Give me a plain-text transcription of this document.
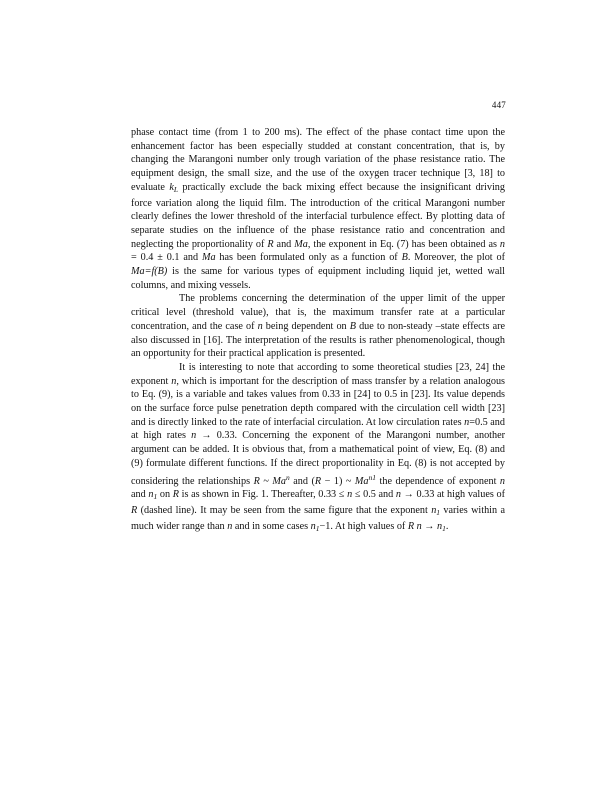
447

phase contact time (from 1 to 200 ms). The effect of the phase contact time upon the enhancement factor has been especially studded at constant concentration, that is, by changing the Marangoni number only trough variation of the phase resistance ratio. The equipment design, the small size, and the use of the oxygen tracer technique [3, 18] to evaluate $k_L$ practically exclude the back mixing effect because the insignificant driving force variation along the liquid film. The introduction of the critical Marangoni number clearly defines the lower threshold of the interfacial turbulence effect. By plotting data of separate studies on the influence of the phase resistance ratio and concentration and neglecting the proportionality of R and Ma, the exponent in Eq. (7) has been obtained as n = 0.4 ± 0.1 and Ma has been formulated only as a function of B. Moreover, the plot of Ma=f(B) is the same for various types of equipment including liquid jet, wetted wall columns, and mixing vessels.

The problems concerning the determination of the upper limit of the upper critical level (threshold value), that is, the maximum transfer rate at a particular concentration, and the case of n being dependent on B due to non-steady –state effects are also discussed in [16]. The interpretation of the results is rather phenomenological, though an opportunity for their practical application is presented.

It is interesting to note that according to some theoretical studies [23, 24] the exponent n, which is important for the description of mass transfer by a relation analogous to Eq. (9), is a variable and takes values from 0.33 in [24] to 0.5 in [23]. Its value depends on the surface force pulse penetration depth compared with the circulation cell width [23] and is directly linked to the rate of interfacial circulation. At low circulation rates n=0.5 and at high rates n → 0.33. Concerning the exponent of the Marangoni number, another argument can be added. It is obvious that, from a mathematical point of view, Eq. (8) and (9) formulate different functions. If the direct proportionality in Eq. (8) is not accepted by considering the relationships R ~ Ma$^n$ and (R − 1) ~ $Ma^{n1}$ the dependence of exponent n and $n_1$ on R is as shown in Fig. 1. Thereafter, 0.33 ≤ n ≤ 0.5 and n → 0.33 at high values of R (dashed line). It may be seen from the same figure that the exponent $n_1$ varies within a much wider range than n and in some cases $n_1-1$. At high values of R $n \to n_1$.
